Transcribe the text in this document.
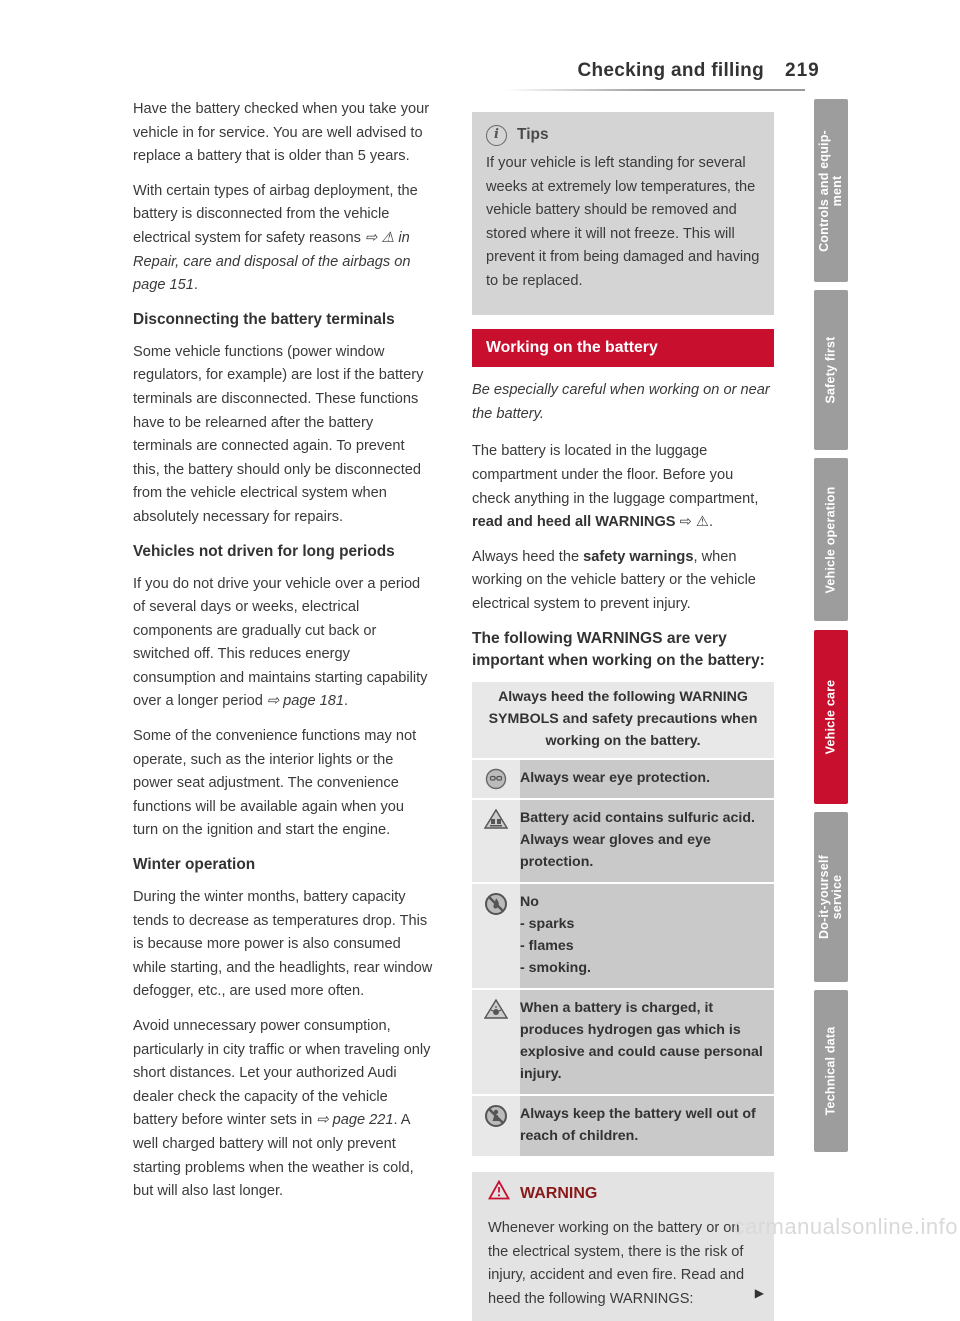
Checking and filling 219

Have the battery checked when you take your vehicle in for service. You are well advised to replace a battery that is older than 5 years.

With certain types of airbag deployment, the battery is disconnected from the vehicle electrical system for safety reasons ⇨ ⚠ in Repair, care and disposal of the airbags on page 151.

Disconnecting the battery terminals

Some vehicle functions (power window regulators, for example) are lost if the battery terminals are disconnected. These functions have to be relearned after the battery terminals are connected again. To prevent this, the battery should only be disconnected from the vehicle electrical system when absolutely necessary for repairs.

Vehicles not driven for long periods

If you do not drive your vehicle over a period of several days or weeks, electrical components are gradually cut back or switched off. This reduces energy consumption and maintains starting capability over a longer period ⇨ page 181.

Some of the convenience functions may not operate, such as the interior lights or the power seat adjustment. The convenience functions will be available again when you turn on the ignition and start the engine.

Winter operation

During the winter months, battery capacity tends to decrease as temperatures drop. This is because more power is also consumed while starting, and the headlights, rear window defogger, etc., are used more often.

Avoid unnecessary power consumption, particularly in city traffic or when traveling only short distances. Let your authorized Audi dealer check the capacity of the vehicle battery before winter sets in ⇨ page 221. A well charged battery will not only prevent starting problems when the weather is cold, but will also last longer.

i	Tips

If your vehicle is left standing for several weeks at extremely low temperatures, the vehicle battery should be removed and stored where it will not freeze. This will prevent it from being damaged and having to be replaced.

Working on the battery

Be especially careful when working on or near the battery.

The battery is located in the luggage compartment under the floor. Before you check anything in the luggage compartment, read and heed all WARNINGS ⇨ ⚠.

Always heed the safety warnings, when working on the vehicle battery or the vehicle electrical system to prevent injury.

The following WARNINGS are very important when working on the battery:
Always heed the following WARNING SYMBOLS and safety precautions when working on the battery.
Always wear eye protection.
Battery acid contains sulfuric acid. Always wear gloves and eye protection.
No
- sparks
- flames
- smoking.
When a battery is charged, it produces hydrogen gas which is explosive and could cause personal injury.
Always keep the battery well out of reach of children.
WARNING
Whenever working on the battery or on the electrical system, there is the risk of injury, accident and even fire. Read and heed the following WARNINGS:	▶
Controls and equip-
ment
Safety first
Vehicle operation
Vehicle care
Do-it-yourself
service
Technical data
carmanualsonline.info
